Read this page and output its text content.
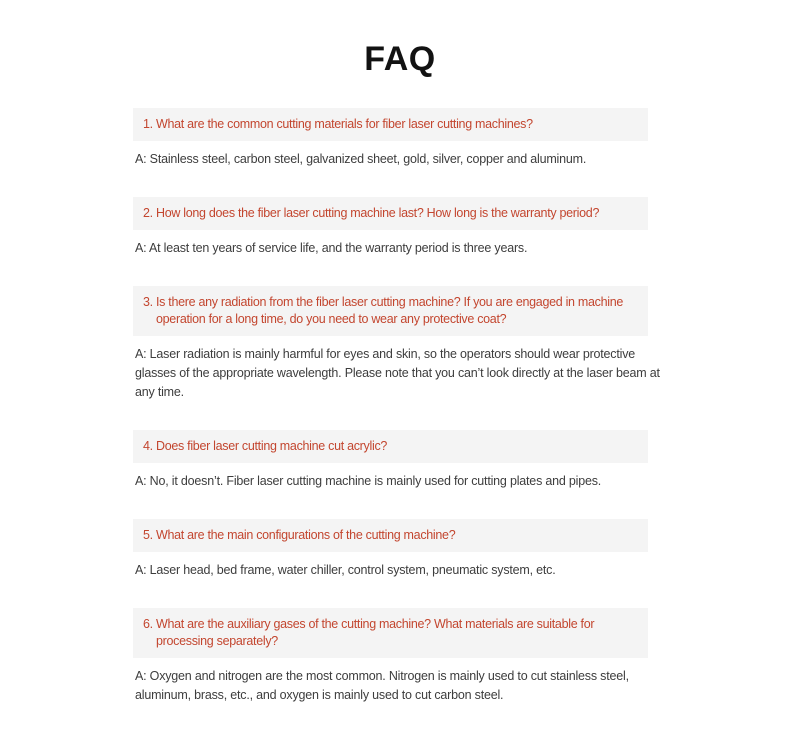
FAQ
1. What are the common cutting materials for fiber laser cutting machines?

A: Stainless steel, carbon steel, galvanized sheet, gold, silver, copper and aluminum.

2. How long does the fiber laser cutting machine last? How long is the warranty period?

A: At least ten years of service life, and the warranty period is three years.

3. Is there any radiation from the fiber laser cutting machine? If you are engaged in machine operation for a long time, do you need to wear any protective coat?

A: Laser radiation is mainly harmful for eyes and skin, so the operators should wear protective glasses of the appropriate wavelength. Please note that you can’t look directly at the laser beam at any time.

4. Does fiber laser cutting machine cut acrylic?

A: No, it doesn’t. Fiber laser cutting machine is mainly used for cutting plates and pipes.

5. What are the main configurations of the cutting machine?

A: Laser head, bed frame, water chiller, control system, pneumatic system, etc.

6. What are the auxiliary gases of the cutting machine? What materials are suitable for processing separately?

A: Oxygen and nitrogen are the most common. Nitrogen is mainly used to cut stainless steel, aluminum, brass, etc., and oxygen is mainly used to cut carbon steel.
